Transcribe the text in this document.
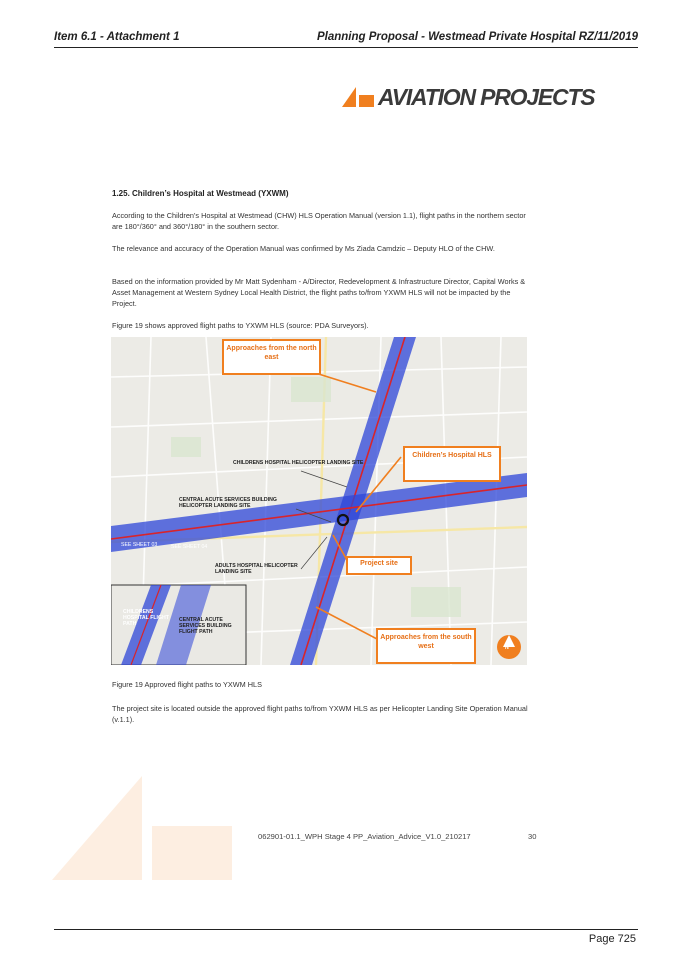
Item 6.1 - Attachment 1	Planning Proposal - Westmead Private Hospital RZ/11/2019
AVIATION PROJECTS
1.25. Children’s Hospital at Westmead (YXWM)

According to the Children’s Hospital at Westmead (CHW) HLS Operation Manual (version 1.1), flight paths in the northern sector are 180°/360° and 360°/180° in the southern sector.

The relevance and accuracy of the Operation Manual was confirmed by Ms Ziada Camdzic – Deputy HLO of the CHW.

Based on the information provided by Mr Matt Sydenham - A/Director, Redevelopment & Infrastructure Director, Capital Works & Asset Management at Western Sydney Local Health District, the flight paths to/from YXWM HLS will not be impacted by the Project.

Figure 19 shows approved flight paths to YXWM HLS (source: PDA Surveyors).

CHILDRENS HOSPITAL HELICOPTER LANDING SITE
CENTRAL ACUTE SERVICES BUILDING HELICOPTER LANDING SITE
ADULTS HOSPITAL HELICOPTER LANDING SITE
SEE SHEET 03	SEE SHEET 04
CHILDRENS HOSPITAL FLIGHT PATH
CENTRAL ACUTE SERVICES BUILDING FLIGHT PATH
N
Approaches from the north east
Children’s Hospital HLS
Project site
Approaches from the south west

Figure 19 Approved flight paths to YXWM HLS

The project site is located outside the approved flight paths to/from YXWM HLS as per Helicopter Landing Site Operation Manual (v.1.1).

062901-01.1_WPH Stage 4 PP_Aviation_Advice_V1.0_210217	30
Page 725
